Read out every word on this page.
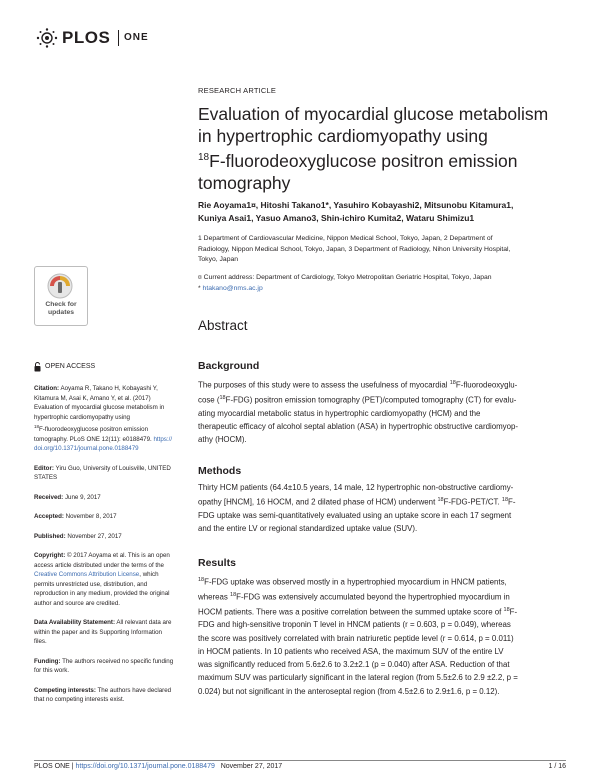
PLOS ONE
RESEARCH ARTICLE
Evaluation of myocardial glucose metabolism
in hypertrophic cardiomyopathy using
$^{18}$F-fluorodeoxyglucose positron emission
tomography
Rie Aoyama1¤, Hitoshi Takano1*, Yasuhiro Kobayashi2, Mitsunobu Kitamura1,
Kuniya Asai1, Yasuo Amano3, Shin-ichiro Kumita2, Wataru Shimizu1
1 Department of Cardiovascular Medicine, Nippon Medical School, Tokyo, Japan, 2 Department of
Radiology, Nippon Medical School, Tokyo, Japan, 3 Department of Radiology, Nihon University Hospital,
Tokyo, Japan
¤ Current address: Department of Cardiology, Tokyo Metropolitan Geriatric Hospital, Tokyo, Japan
* htakano@nms.ac.jp
Check for
updates
Abstract
Background
The purposes of this study were to assess the usefulness of myocardial $^{18}$F-fluorodeoxyglu-
cose ($^{18}$F-FDG) positron emission tomography (PET)/computed tomography (CT) for evalu-
ating myocardial metabolic status in hypertrophic cardiomyopathy (HCM) and the
therapeutic efficacy of alcohol septal ablation (ASA) in hypertrophic obstructive cardiomyop-
athy (HOCM).
Methods
Thirty HCM patients (64.4±10.5 years, 14 male, 12 hypertrophic non-obstructive cardiomy-
opathy [HNCM], 16 HOCM, and 2 dilated phase of HCM) underwent $^{18}$F-FDG-PET/CT. $^{18}$F-
FDG uptake was semi-quantitatively evaluated using an uptake score in each 17 segment
and the entire LV or regional standardized uptake value (SUV).
Results
$^{18}$F-FDG uptake was observed mostly in a hypertrophied myocardium in HNCM patients,
whereas $^{18}$F-FDG was extensively accumulated beyond the hypertrophied myocardium in
HOCM patients. There was a positive correlation between the summed uptake score of $^{18}$F-
FDG and high-sensitive troponin T level in HNCM patients (r = 0.603, p = 0.049), whereas
the score was positively correlated with brain natriuretic peptide level (r = 0.614, p = 0.011)
in HOCM patients. In 10 patients who received ASA, the maximum SUV of the entire LV
was significantly reduced from 5.6±2.6 to 3.2±2.1 (p = 0.040) after ASA. Reduction of that
maximum SUV was particularly significant in the lateral region (from 5.5±2.6 to 2.9 ±2.2, p =
0.024) but not significant in the anteroseptal region (from 4.5±2.6 to 2.9±1.6, p = 0.12).
OPEN ACCESS
Citation: Aoyama R, Takano H, Kobayashi Y,
Kitamura M, Asai K, Amano Y, et al. (2017)
Evaluation of myocardial glucose metabolism in
hypertrophic cardiomyopathy using
$^{18}$F-fluorodeoxyglucose positron emission
tomography. PLoS ONE 12(11): e0188479. https://
doi.org/10.1371/journal.pone.0188479
Editor: Yiru Guo, University of Louisville, UNITED
STATES
Received: June 9, 2017
Accepted: November 8, 2017
Published: November 27, 2017
Copyright: © 2017 Aoyama et al. This is an open
access article distributed under the terms of the
Creative Commons Attribution License, which
permits unrestricted use, distribution, and
reproduction in any medium, provided the original
author and source are credited.
Data Availability Statement: All relevant data are
within the paper and its Supporting Information
files.
Funding: The authors received no specific funding
for this work.
Competing interests: The authors have declared
that no competing interests exist.
PLOS ONE | https://doi.org/10.1371/journal.pone.0188479   November 27, 2017	1 / 16
